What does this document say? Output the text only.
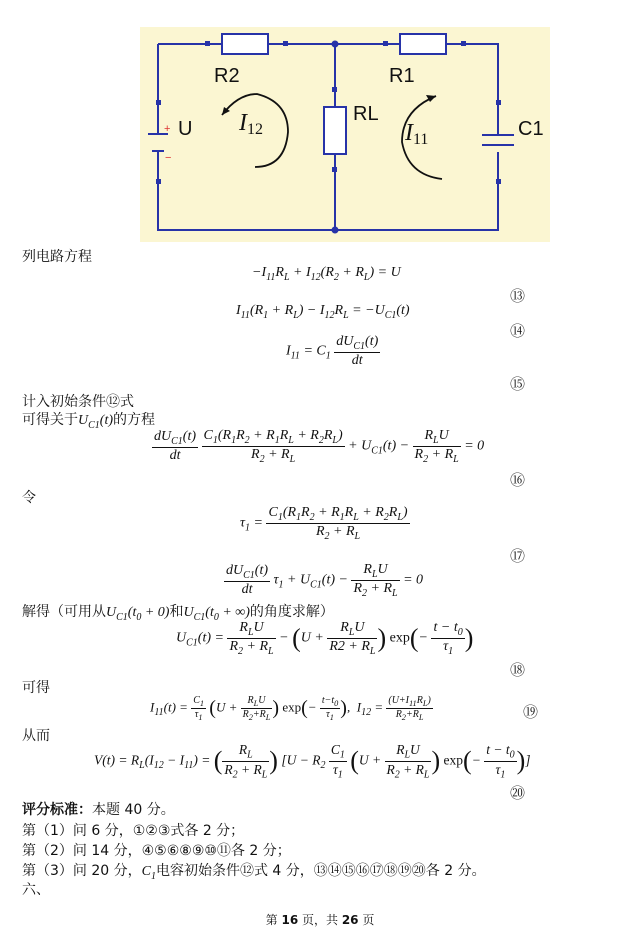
R2	R1
RL
U	C1
+
−
I12	I11
列电路方程
$-I_{11}R_L + I_{12}(R_2 + R_L) = U$
⑬
$I_{11}(R_1 + R_L) - I_{12}R_L = -U_{C1}(t)$
⑭
$I_{11} = C_1 \frac{dU_{C1}(t)}{dt}$
⑮
计入初始条件⑫式
可得关于$U_{C1}(t)$的方程
$\frac{dU_{C1}(t)}{dt}$
$\frac{C_1(R_1R_2 + R_1R_L + R_2R_L)}{R_2 + R_L} + U_{C1}(t) - \frac{R_LU}{R_2 + R_L} = 0$
⑯
令
$\tau_1 = \frac{C_1(R_1R_2 + R_1R_L + R_2R_L)}{R_2 + R_L}$
⑰
$\frac{dU_{C1}(t)}{dt} \tau_1 + U_{C1}(t) - \frac{R_LU}{R_2 + R_L} = 0$
解得（可用从$U_{C1}(t_0 + 0)$和$U_{C1}(t_0$ + ∞)的角度求解）
$U_{C1}(t) = \frac{R_LU}{R_2 + R_L} - (U + \frac{R_LU}{R2 + R_L}$ ) $\exp(- \frac{t - t_0}{\tau_1}$ )
⑱
可得
$I_{11}(t) = \frac{C_1}{\tau_1} (U + \frac{R_LU}{R_2+R_L}$ ) $\exp(- \frac{t-t_0}{\tau_1}$ ),  $I_{12} = \frac{(U+I_{11}R_L)}{R_2+R_L}$	⑲
从而
$V(t) = R_L(I_{12} - I_{11})$ = ( $\frac{R_L}{R_2 + R_L}$ ) [$U - R_2 \frac{C_1}{\tau_1} (U + \frac{R_LU}{R_2 + R_L}$ ) $\exp(- \frac{t - t_0}{\tau_1}$ )]
⑳
评分标准：本题 40 分。
第（1）问 6 分，①②③式各 2 分；
第（2）问 14 分，④⑤⑥⑧⑨⑩⑪各 2 分；
第（3）问 20 分，$C_1$电容初始条件⑫式 4 分，⑬⑭⑮⑯⑰⑱⑲⑳各 2 分。
六、
第 16 页，共 26 页
